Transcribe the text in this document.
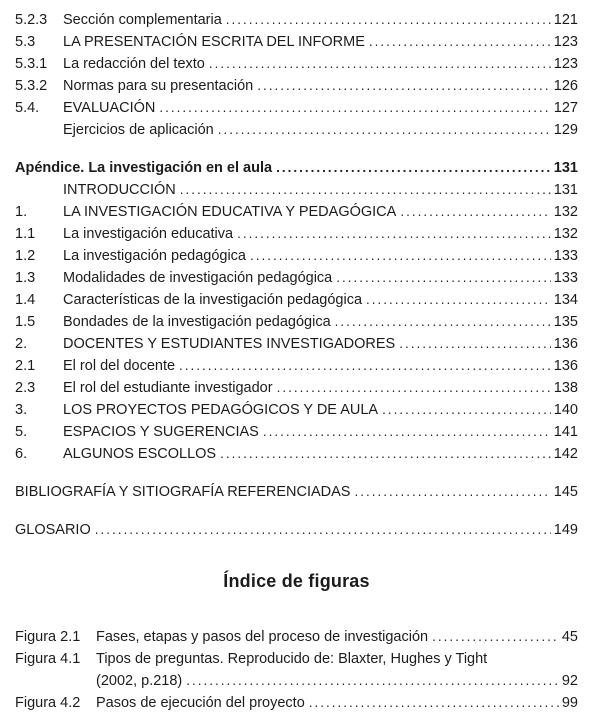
5.2.3	Sección complementaria .....	121
5.3	LA PRESENTACIÓN ESCRITA DEL INFORME .....	123
5.3.1	La redacción del texto .....	123
5.3.2	Normas para su presentación .....	126
5.4.	EVALUACIÓN .....	127
Ejercicios de aplicación .....	129
Apéndice. La investigación en el aula .....	131
INTRODUCCIÓN .....	131
1.	LA INVESTIGACIÓN EDUCATIVA Y PEDAGÓGICA .....	132
1.1	La investigación educativa .....	132
1.2	La investigación pedagógica .....	133
1.3	Modalidades de investigación pedagógica .....	133
1.4	Características de la investigación pedagógica .....	134
1.5	Bondades de la investigación pedagógica .....	135
2.	DOCENTES Y ESTUDIANTES INVESTIGADORES .....	136
2.1	El rol del docente .....	136
2.3	El rol del estudiante investigador .....	138
3.	LOS PROYECTOS PEDAGÓGICOS Y DE AULA .....	140
5.	ESPACIOS Y SUGERENCIAS .....	141
6.	ALGUNOS ESCOLLOS .....	142
BIBLIOGRAFÍA Y SITIOGRAFÍA REFERENCIADAS .....	145
GLOSARIO .....	149
Índice de figuras
Figura 2.1	Fases, etapas y pasos del proceso de investigación .....	45
Figura 4.1	Tipos de preguntas. Reproducido de: Blaxter, Hughes y Tight
(2002, p.218) .....	92
Figura 4.2	Pasos de ejecución del proyecto .....	99
